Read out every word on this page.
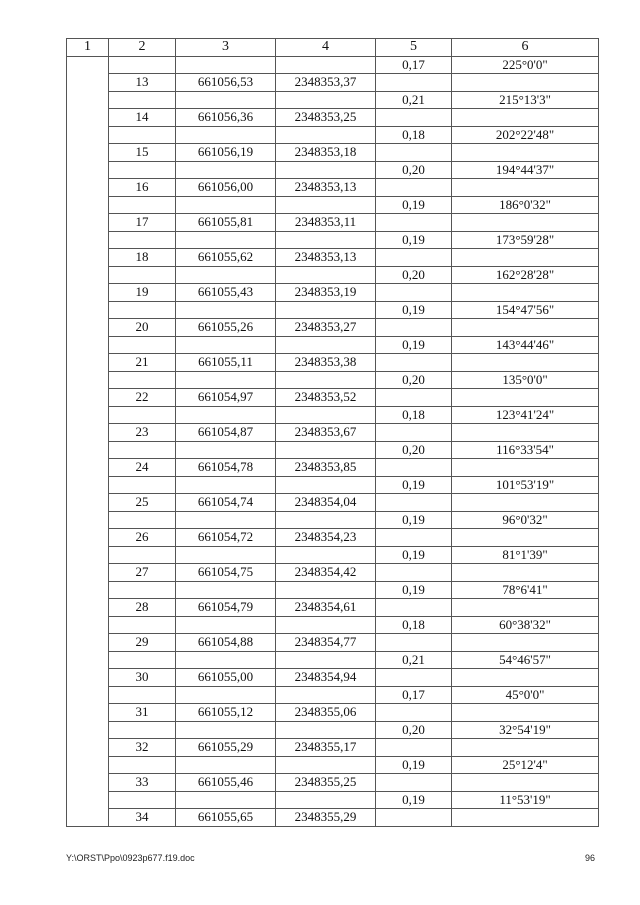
1	2	3	4	5	6
				0,17	225°0'0"
	13	661056,53	2348353,37		
				0,21	215°13'3"
	14	661056,36	2348353,25		
				0,18	202°22'48"
	15	661056,19	2348353,18		
				0,20	194°44'37"
	16	661056,00	2348353,13		
				0,19	186°0'32"
	17	661055,81	2348353,11		
				0,19	173°59'28"
	18	661055,62	2348353,13		
				0,20	162°28'28"
	19	661055,43	2348353,19		
				0,19	154°47'56"
	20	661055,26	2348353,27		
				0,19	143°44'46"
	21	661055,11	2348353,38		
				0,20	135°0'0"
	22	661054,97	2348353,52		
				0,18	123°41'24"
	23	661054,87	2348353,67		
				0,20	116°33'54"
	24	661054,78	2348353,85		
				0,19	101°53'19"
	25	661054,74	2348354,04		
				0,19	96°0'32"
	26	661054,72	2348354,23		
				0,19	81°1'39"
	27	661054,75	2348354,42		
				0,19	78°6'41"
	28	661054,79	2348354,61		
				0,18	60°38'32"
	29	661054,88	2348354,77		
				0,21	54°46'57"
	30	661055,00	2348354,94		
				0,17	45°0'0"
	31	661055,12	2348355,06		
				0,20	32°54'19"
	32	661055,29	2348355,17		
				0,19	25°12'4"
	33	661055,46	2348355,25		
				0,19	11°53'19"
	34	661055,65	2348355,29		
Y:\ORST\Ppo\0923p677.f19.doc	96
